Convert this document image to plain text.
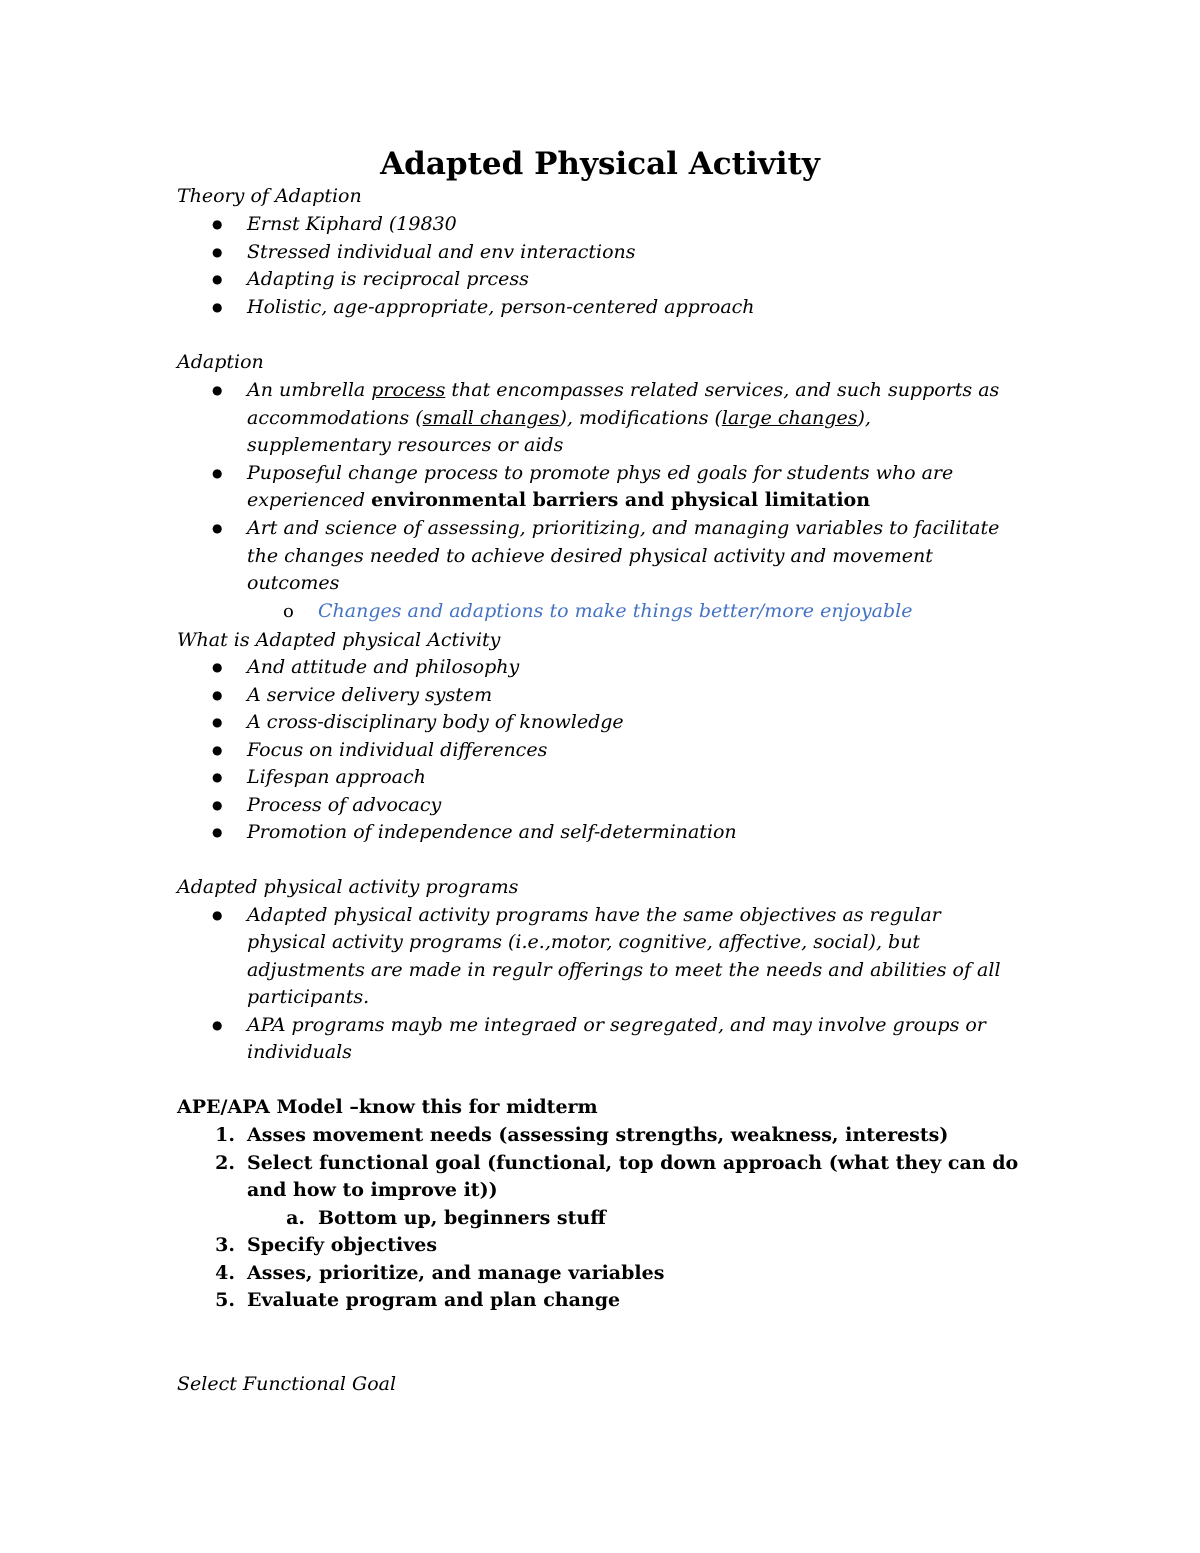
Adapted Physical Activity
Theory of Adaption
● Ernst Kiphard (19830
● Stressed individual and env interactions
● Adapting is reciprocal prcess
● Holistic, age-appropriate, person-centered approach
Adaption
● An umbrella process that encompasses related services, and such supports as
accommodations (small changes), modifications (large changes),
supplementary resources or aids
● Puposeful change process to promote phys ed goals for students who are
experienced environmental barriers and physical limitation
● Art and science of assessing, prioritizing, and managing variables to facilitate
the changes needed to achieve desired physical activity and movement
outcomes
o Changes and adaptions to make things better/more enjoyable
What is Adapted physical Activity
● And attitude and philosophy
● A service delivery system
● A cross-disciplinary body of knowledge
● Focus on individual differences
● Lifespan approach
● Process of advocacy
● Promotion of independence and self-determination
Adapted physical activity programs
● Adapted physical activity programs have the same objectives as regular
physical activity programs (i.e.,motor, cognitive, affective, social), but
adjustments are made in regulr offerings to meet the needs and abilities of all
participants.
● APA programs mayb me integraed or segregated, and may involve groups or
individuals
APE/APA Model –know this for midterm
1. Asses movement needs (assessing strengths, weakness, interests)
2. Select functional goal (functional, top down approach (what they can do
and how to improve it))
a. Bottom up, beginners stuff
3. Specify objectives
4. Asses, prioritize, and manage variables
5. Evaluate program and plan change
Select Functional Goal
